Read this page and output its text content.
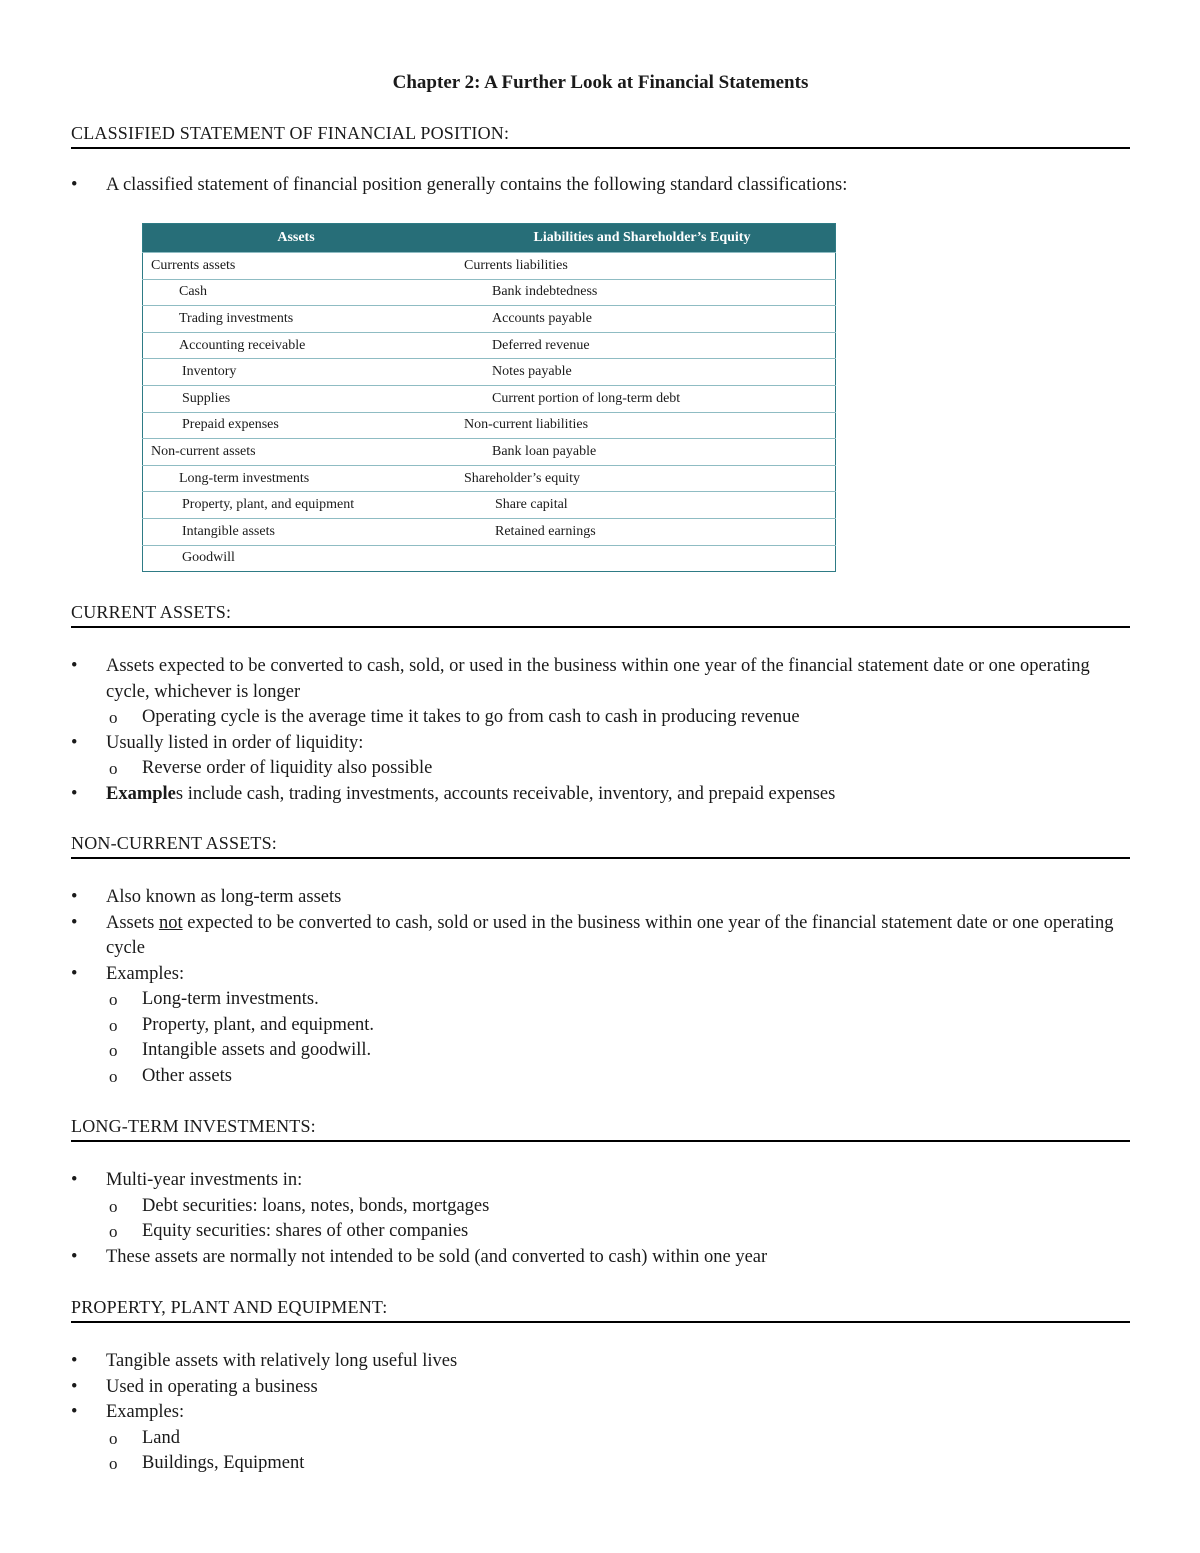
Chapter 2: A Further Look at Financial Statements
CLASSIFIED STATEMENT OF FINANCIAL POSITION:
• A classified statement of financial position generally contains the following standard classifications:
Assets	Liabilities and Shareholder’s Equity
Currents assets	Currents liabilities
Cash	Bank indebtedness
Trading investments	Accounts payable
Accounting receivable	Deferred revenue
Inventory	Notes payable
Supplies	Current portion of long-term debt
Prepaid expenses	Non-current liabilities
Non-current assets	Bank loan payable
Long-term investments	Shareholder’s equity
Property, plant, and equipment	Share capital
Intangible assets	Retained earnings
Goodwill	
CURRENT ASSETS:
• Assets expected to be converted to cash, sold, or used in the business within one year of the financial statement date or one operating cycle, whichever is longer
o Operating cycle is the average time it takes to go from cash to cash in producing revenue
• Usually listed in order of liquidity:
o Reverse order of liquidity also possible
• Examples include cash, trading investments, accounts receivable, inventory, and prepaid expenses
NON-CURRENT ASSETS:
• Also known as long-term assets
• Assets not expected to be converted to cash, sold or used in the business within one year of the financial statement date or one operating cycle
• Examples:
o Long-term investments.
o Property, plant, and equipment.
o Intangible assets and goodwill.
o Other assets
LONG-TERM INVESTMENTS:
• Multi-year investments in:
o Debt securities: loans, notes, bonds, mortgages
o Equity securities: shares of other companies
• These assets are normally not intended to be sold (and converted to cash) within one year
PROPERTY, PLANT AND EQUIPMENT:
• Tangible assets with relatively long useful lives
• Used in operating a business
• Examples:
o Land
o Buildings, Equipment
